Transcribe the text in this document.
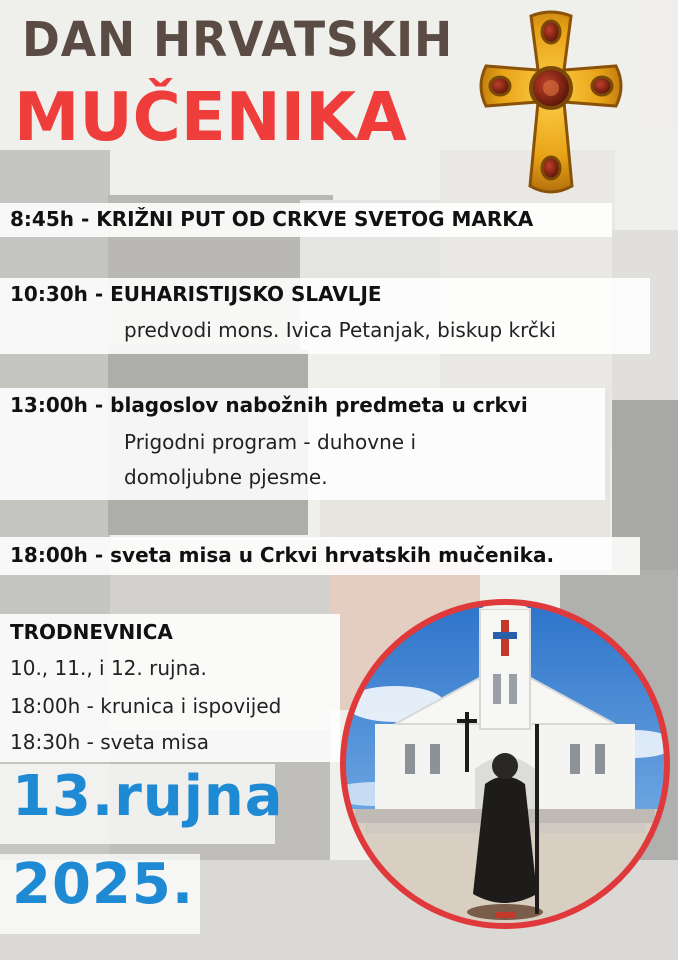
DAN HRVATSKIH
MUČENIKA
8:45h - KRIŽNI PUT OD CRKVE SVETOG MARKA
10:30h - EUHARISTIJSKO SLAVLJE
predvodi mons. Ivica Petanjak, biskup krčki
13:00h - blagoslov nabožnih predmeta u crkvi
Prigodni program - duhovne i
domoljubne pjesme.
18:00h - sveta misa u Crkvi hrvatskih mučenika.
TRODNEVNICA
10., 11., i 12. rujna.
18:00h - krunica i ispovijed
18:30h - sveta misa
13.rujna
2025.
